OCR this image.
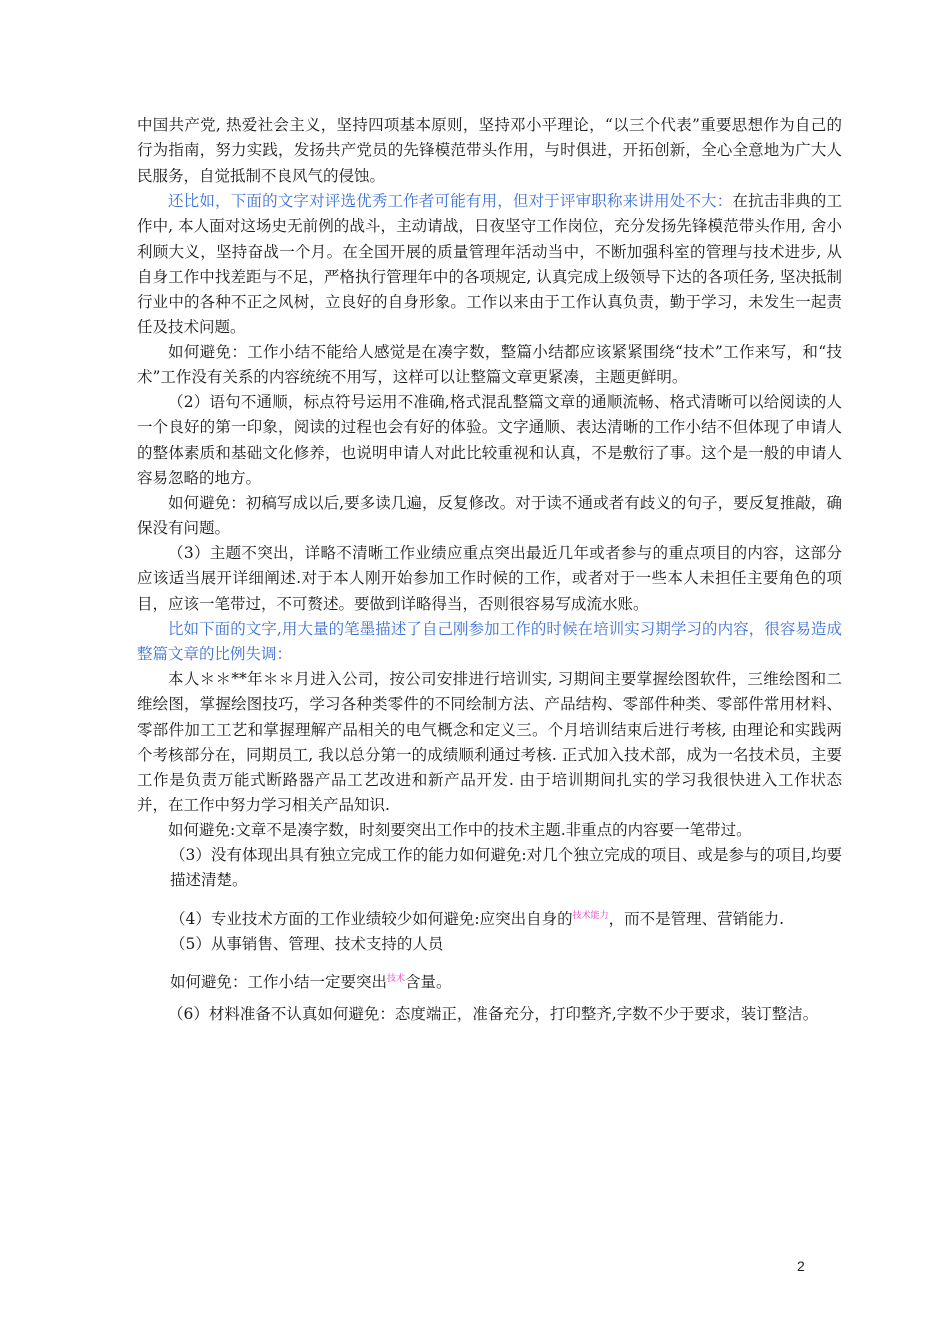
中国共产党, 热爱社会主义，坚持四项基本原则，坚持邓小平理论，“以三个代表”重要思想作为自己的行为指南，努力实践，发扬共产党员的先锋模范带头作用，与时俱进，开拓创新，全心全意地为广大人民服务，自觉抵制不良风气的侵蚀。

还比如，下面的文字对评选优秀工作者可能有用，但对于评审职称来讲用处不大：在抗击非典的工作中, 本人面对这场史无前例的战斗，主动请战，日夜坚守工作岗位，充分发扬先锋模范带头作用, 舍小利顾大义，坚持奋战一个月。在全国开展的质量管理年活动当中，不断加强科室的管理与技术进步, 从自身工作中找差距与不足，严格执行管理年中的各项规定, 认真完成上级领导下达的各项任务, 坚决抵制行业中的各种不正之风树，立良好的自身形象。工作以来由于工作认真负责，勤于学习，未发生一起责任及技术问题。

如何避免：工作小结不能给人感觉是在凑字数，整篇小结都应该紧紧围绕“技术”工作来写，和“技术”工作没有关系的内容统统不用写，这样可以让整篇文章更紧凑，主题更鲜明。

（2）语句不通顺，标点符号运用不准确,格式混乱整篇文章的通顺流畅、格式清晰可以给阅读的人一个良好的第一印象，阅读的过程也会有好的体验。文字通顺、表达清晰的工作小结不但体现了申请人的整体素质和基础文化修养，也说明申请人对此比较重视和认真，不是敷衍了事。这个是一般的申请人容易忽略的地方。

如何避免：初稿写成以后,要多读几遍，反复修改。对于读不通或者有歧义的句子，要反复推敲，确保没有问题。

（3）主题不突出，详略不清晰工作业绩应重点突出最近几年或者参与的重点项目的内容，这部分应该适当展开详细阐述.对于本人刚开始参加工作时候的工作，或者对于一些本人未担任主要角色的项目，应该一笔带过，不可赘述。要做到详略得当，否则很容易写成流水账。

比如下面的文字,用大量的笔墨描述了自己刚参加工作的时候在培训实习期学习的内容，很容易造成整篇文章的比例失调：

本人＊＊**年＊＊月进入公司，按公司安排进行培训实, 习期间主要掌握绘图软件，三维绘图和二维绘图，掌握绘图技巧，学习各种类零件的不同绘制方法、产品结构、零部件种类、零部件常用材料、零部件加工工艺和掌握理解产品相关的电气概念和定义三。个月培训结束后进行考核, 由理论和实践两个考核部分在，同期员工, 我以总分第一的成绩顺利通过考核. 正式加入技术部，成为一名技术员，主要工作是负责万能式断路器产品工艺改进和新产品开发. 由于培训期间扎实的学习我很快进入工作状态并，在工作中努力学习相关产品知识.

如何避免:文章不是凑字数，时刻要突出工作中的技术主题.非重点的内容要一笔带过。

（3）没有体现出具有独立完成工作的能力如何避免:对几个独立完成的项目、或是参与的项目,均要描述清楚。

（4）专业技术方面的工作业绩较少如何避免:应突出自身的$^{技术能力}$，而不是管理、营销能力.

（5）从事销售、管理、技术支持的人员

如何避免：工作小结一定要突出$^{技术}$含量。

（6）材料准备不认真如何避免：态度端正，准备充分，打印整齐,字数不少于要求，装订整洁。

2
